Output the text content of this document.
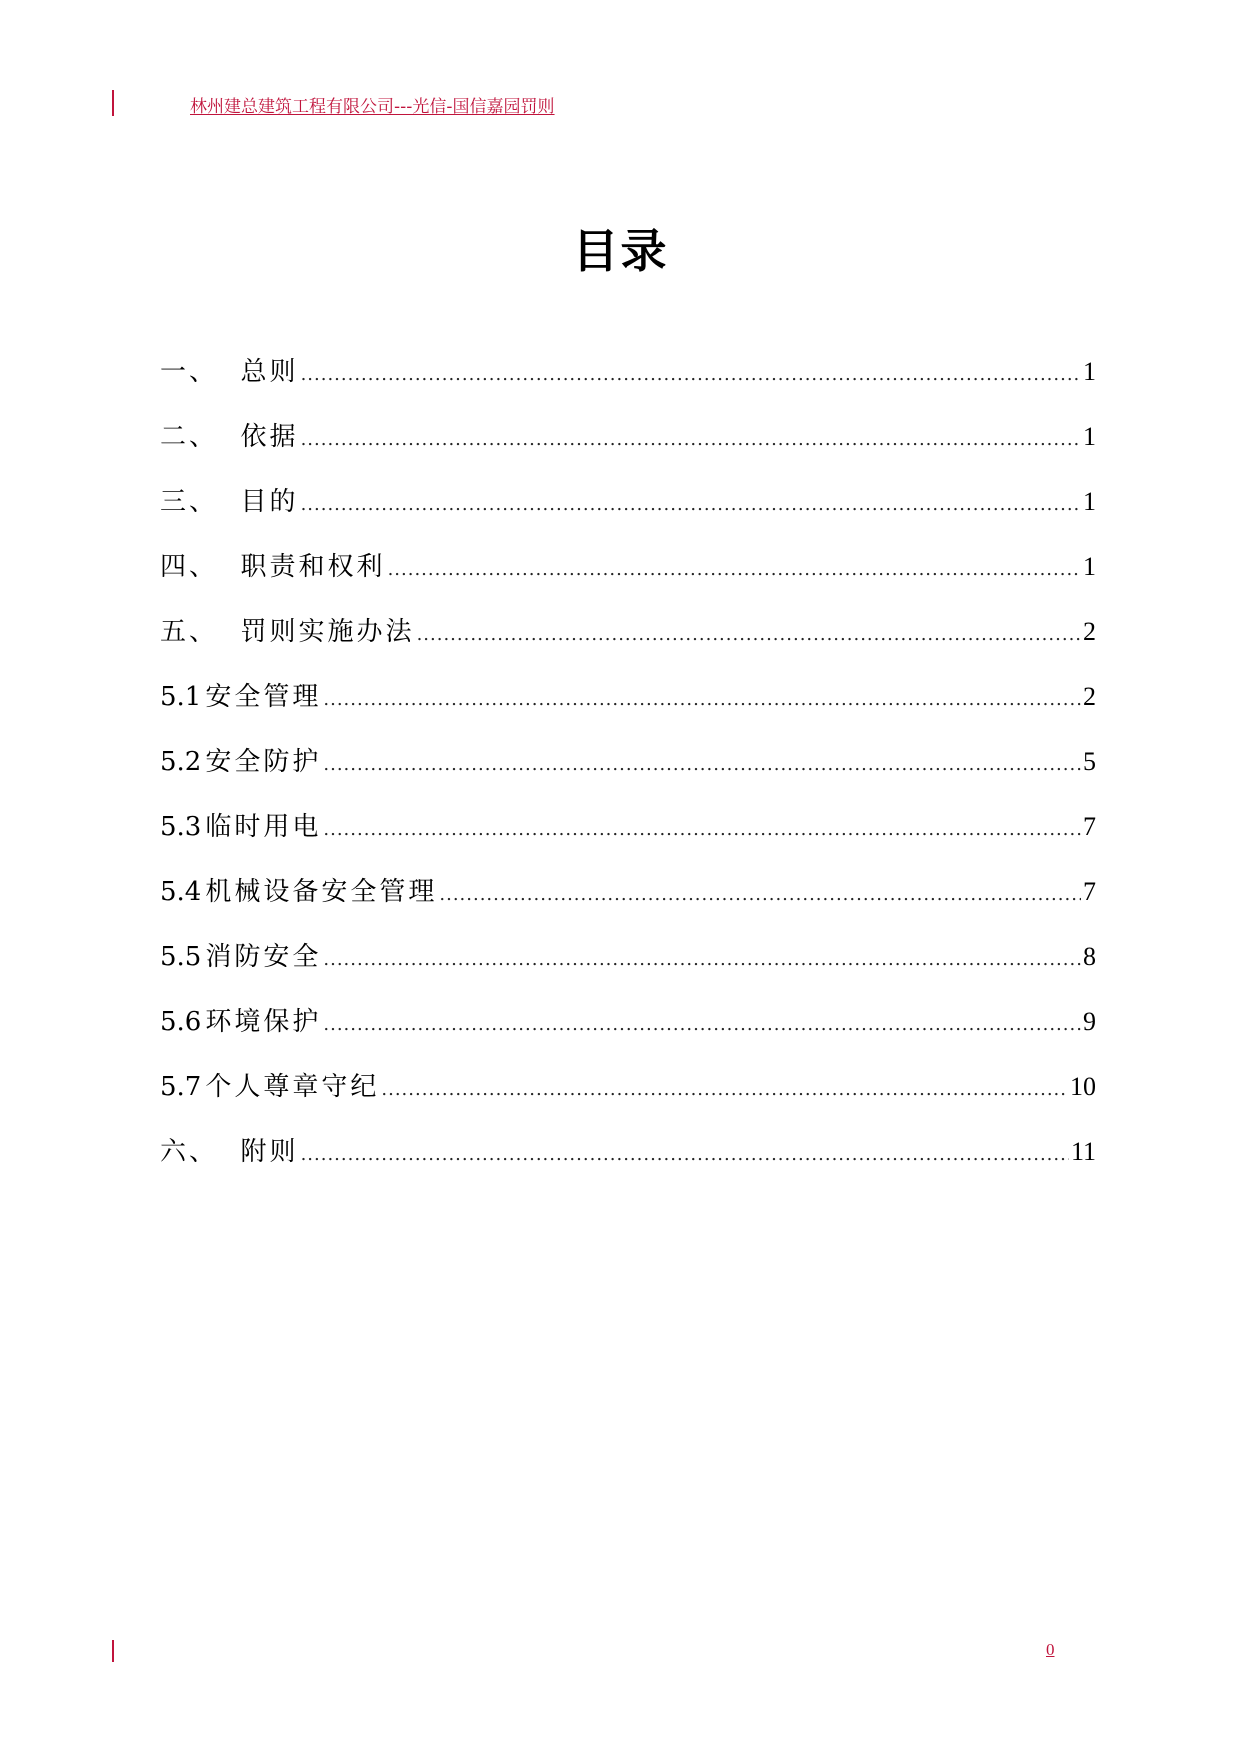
林州建总建筑工程有限公司---光信-国信嘉园罚则
目录
一、 总则 .....	1
二、 依据 .....	1
三、 目的 .....	1
四、 职责和权利 .....	1
五、 罚则实施办法 .....	2
5.1 安全管理 .....	2
5.2 安全防护 .....	5
5.3 临时用电 .....	7
5.4 机械设备安全管理 .....	7
5.5 消防安全 .....	8
5.6 环境保护 .....	9
5.7 个人尊章守纪 .....	10
六、 附则 .....	11
0
